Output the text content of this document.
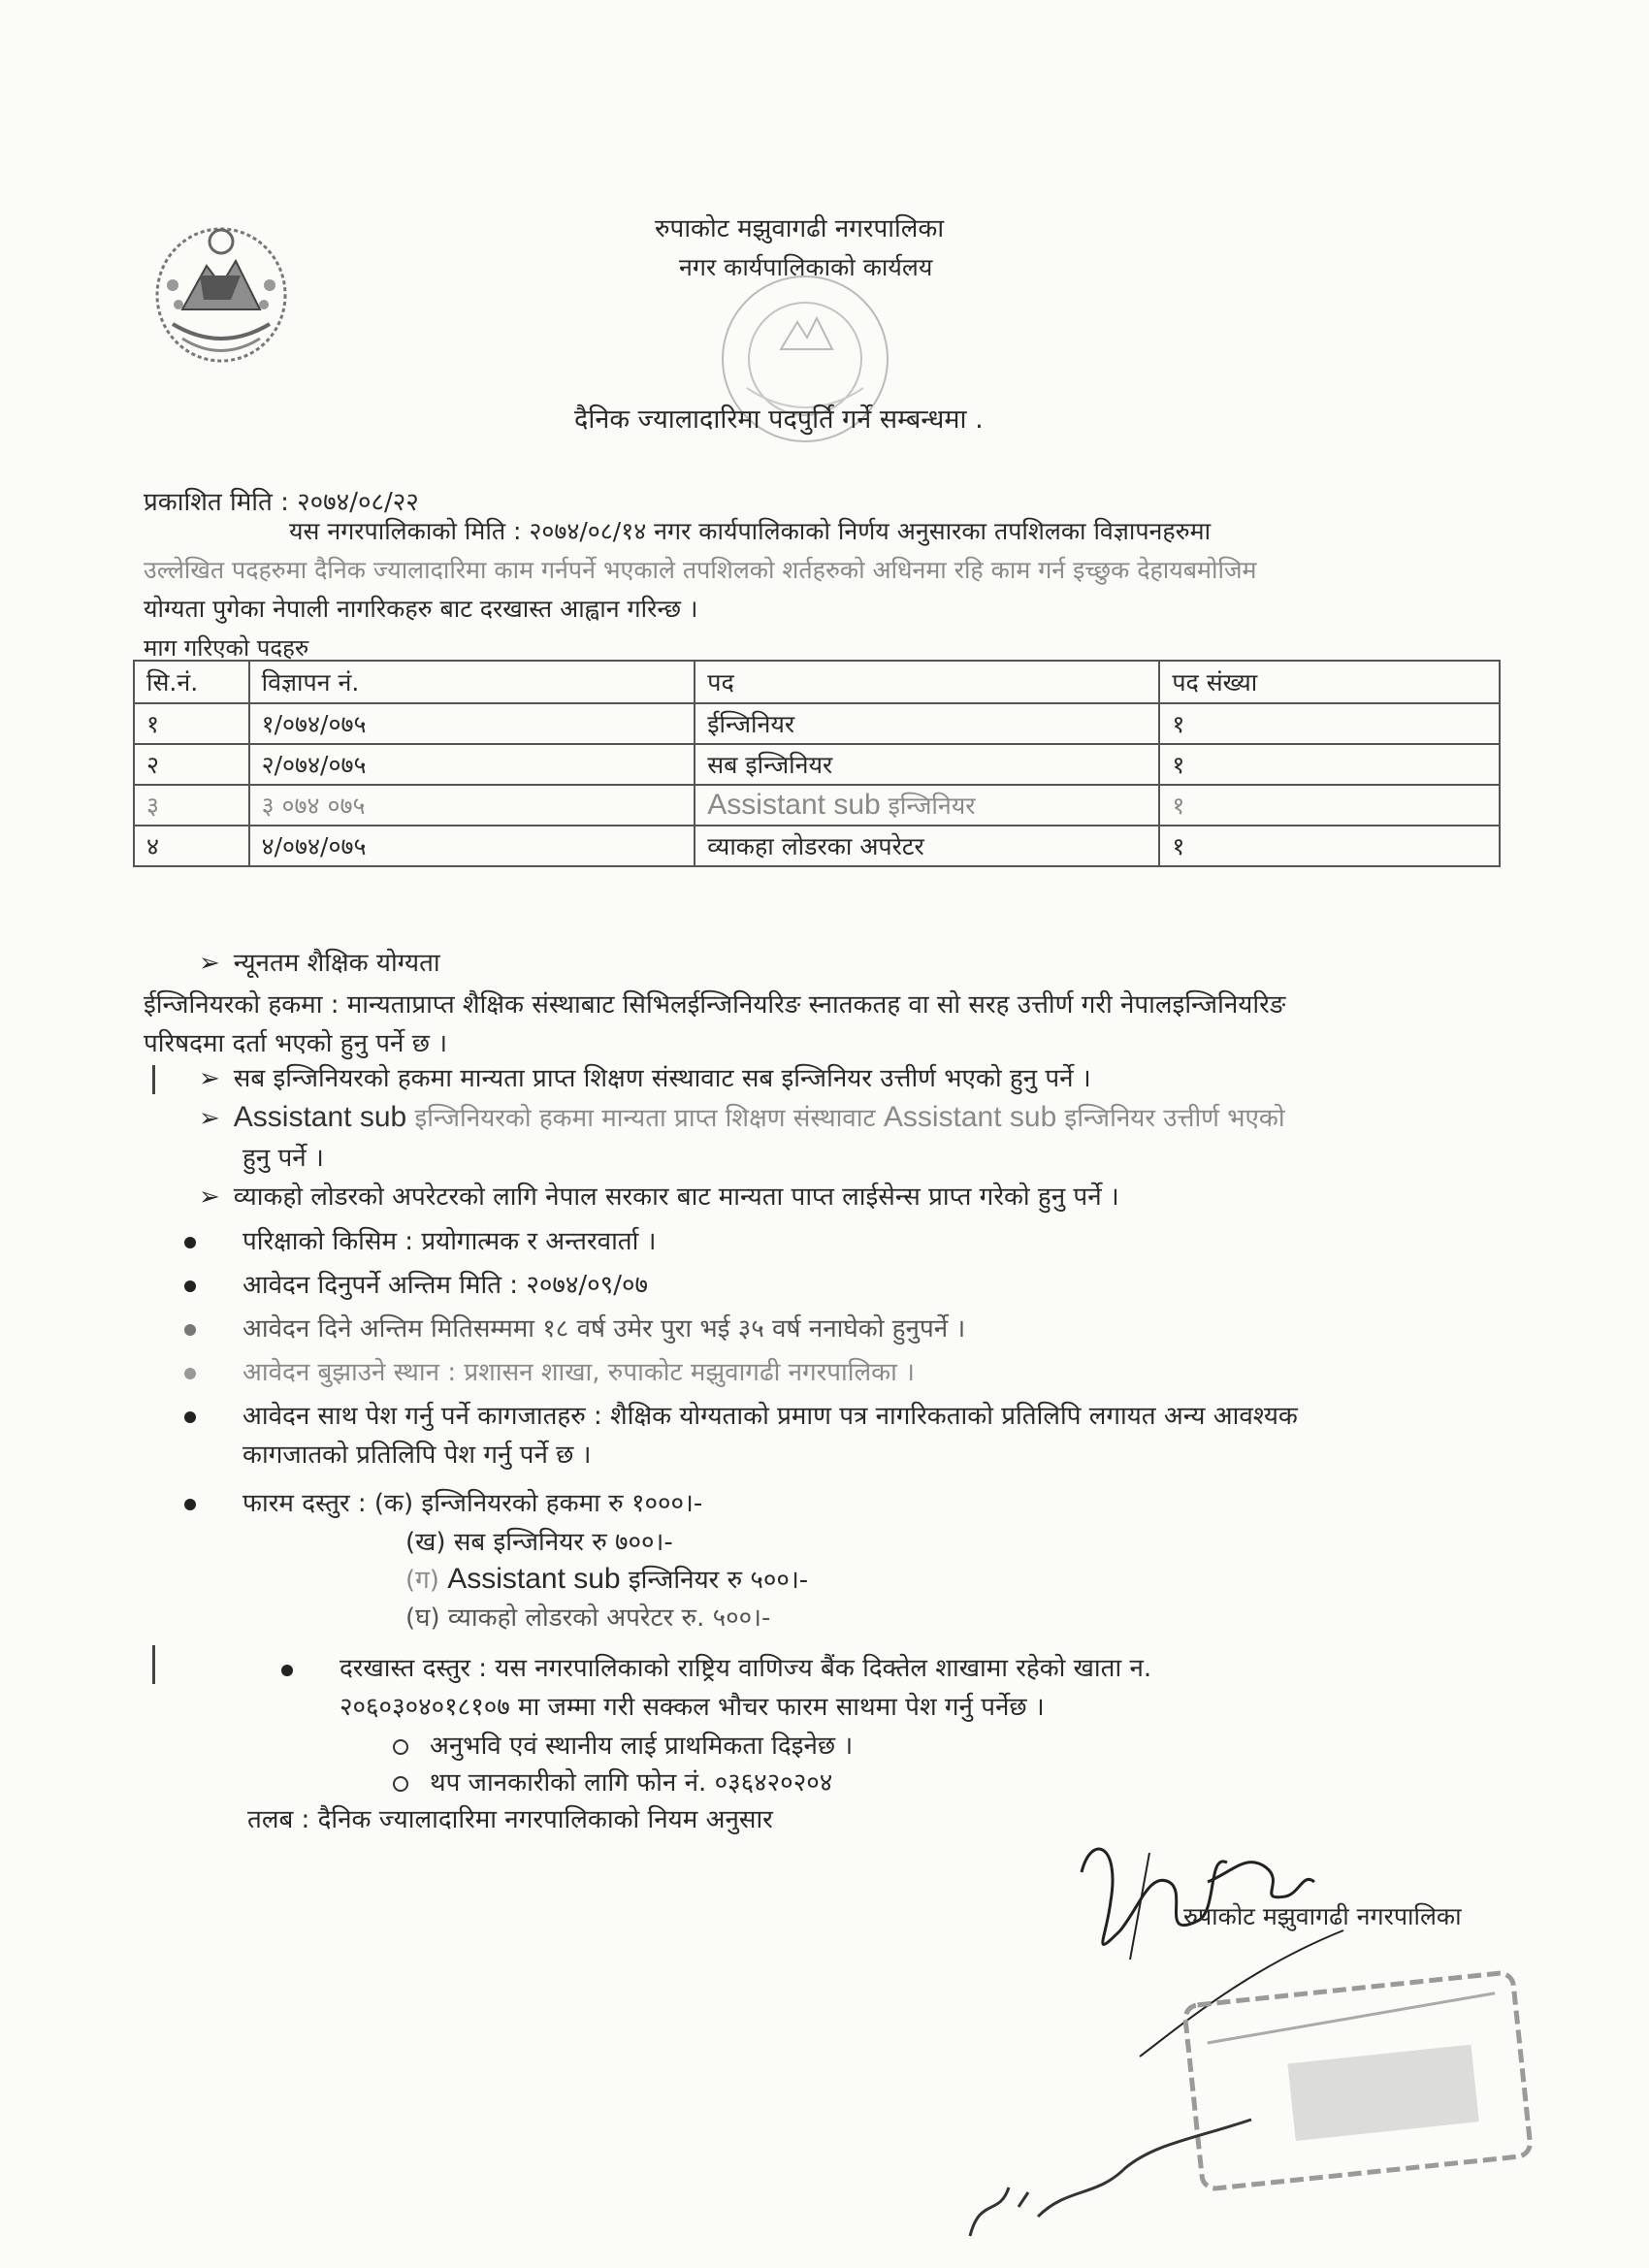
रुपाकोट मझुवागढी नगरपालिका
नगर कार्यपालिकाको कार्यलय
दैनिक ज्यालादारिमा पदपुर्ति गर्ने सम्बन्धमा .
प्रकाशित मिति : २०७४/०८/२२

यस नगरपालिकाको मिति : २०७४/०८/१४ नगर कार्यपालिकाको निर्णय अनुसारका तपशिलका विज्ञापनहरुमा

उल्लेखित पदहरुमा दैनिक ज्यालादारिमा काम गर्नपर्ने भएकाले तपशिलको शर्तहरुको अधिनमा रहि काम गर्न इच्छुक देहायबमोजिम

योग्यता पुगेका नेपाली नागरिकहरु बाट दरखास्त आह्वान गरिन्छ ।

माग गरिएको पदहरु
सि.नं.	विज्ञापन नं.	पद	पद संख्या
१	१/०७४/०७५	ईन्जिनियर	१
२	२/०७४/०७५	सब इन्जिनियर	१
३	३ ०७४ ०७५	Assistant sub इन्जिनियर	१
४	४/०७४/०७५	व्याकहा लोडरका अपरेटर	१
➢ न्यूनतम शैक्षिक योग्यता
ईन्जिनियरको हकमा : मान्यताप्राप्त शैक्षिक संस्थाबाट सिभिलईन्जिनियरिङ स्नातकतह वा सो सरह उत्तीर्ण गरी नेपालइन्जिनियरिङ
परिषदमा दर्ता भएको हुनु पर्ने छ ।
➢ सब इन्जिनियरको हकमा मान्यता प्राप्त शिक्षण संस्थावाट सब इन्जिनियर उत्तीर्ण भएको हुनु पर्ने ।
➢ Assistant sub इन्जिनियरको हकमा मान्यता प्राप्त शिक्षण संस्थावाट Assistant sub इन्जिनियर उत्तीर्ण भएको
हुनु पर्ने ।
➢ व्याकहो लोडरको अपरेटरको लागि नेपाल सरकार बाट मान्यता पाप्त लाईसेन्स प्राप्त गरेको हुनु पर्ने ।
परिक्षाको किसिम : प्रयोगात्मक र अन्तरवार्ता ।
आवेदन दिनुपर्ने अन्तिम मिति : २०७४/०९/०७
आवेदन दिने अन्तिम मितिसम्ममा १८ वर्ष उमेर पुरा भई ३५ वर्ष ननाघेको हुनुपर्ने ।
आवेदन बुझाउने स्थान : प्रशासन शाखा, रुपाकोट मझुवागढी नगरपालिका ।
आवेदन साथ पेश गर्नु पर्ने कागजातहरु : शैक्षिक योग्यताको प्रमाण पत्र नागरिकताको प्रतिलिपि लगायत अन्य आवश्यक
कागजातको प्रतिलिपि पेश गर्नु पर्ने छ ।
फारम दस्तुर : (क) इन्जिनियरको हकमा रु १०००।-
(ख) सब इन्जिनियर रु ७००।-
(ग) Assistant sub इन्जिनियर रु ५००।-
(घ) व्याकहो लोडरको अपरेटर रु. ५००।-
दरखास्त दस्तुर : यस नगरपालिकाको राष्ट्रिय वाणिज्य बैंक दिक्तेल शाखामा रहेको खाता न.
२०६०३०४०१८१०७ मा जम्मा गरी सक्कल भौचर फारम साथमा पेश गर्नु पर्नेछ ।
अनुभवि एवं स्थानीय लाई प्राथमिकता दिइनेछ ।
थप जानकारीको लागि फोन नं. ०३६४२०२०४
तलब : दैनिक ज्यालादारिमा नगरपालिकाको नियम अनुसार
रुपाकोट मझुवागढी नगरपालिका
